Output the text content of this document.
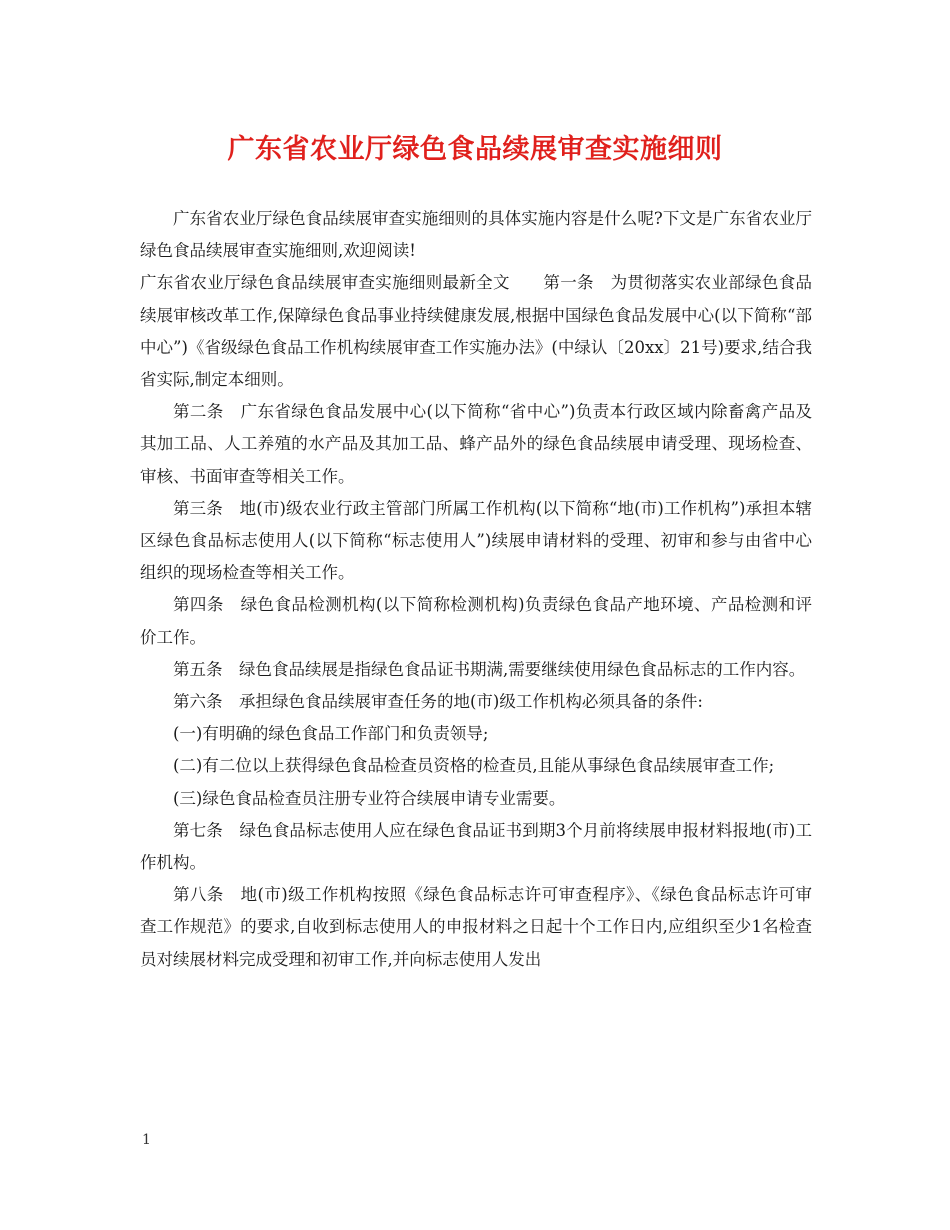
广东省农业厅绿色食品续展审查实施细则

广东省农业厅绿色食品续展审查实施细则的具体实施内容是什么呢?下文是广东省农业厅绿色食品续展审查实施细则,欢迎阅读!

广东省农业厅绿色食品续展审查实施细则最新全文　　第一条　为贯彻落实农业部绿色食品续展审核改革工作,保障绿色食品事业持续健康发展,根据中国绿色食品发展中心(以下简称“部中心”)《省级绿色食品工作机构续展审查工作实施办法》(中绿认〔20xx〕21号)要求,结合我省实际,制定本细则。

第二条　广东省绿色食品发展中心(以下简称“省中心”)负责本行政区域内除畜禽产品及其加工品、人工养殖的水产品及其加工品、蜂产品外的绿色食品续展申请受理、现场检查、审核、书面审查等相关工作。

第三条　地(市)级农业行政主管部门所属工作机构(以下简称“地(市)工作机构”)承担本辖区绿色食品标志使用人(以下简称“标志使用人”)续展申请材料的受理、初审和参与由省中心组织的现场检查等相关工作。

第四条　绿色食品检测机构(以下简称检测机构)负责绿色食品产地环境、产品检测和评价工作。

第五条　绿色食品续展是指绿色食品证书期满,需要继续使用绿色食品标志的工作内容。

第六条　承担绿色食品续展审查任务的地(市)级工作机构必须具备的条件:

(一)有明确的绿色食品工作部门和负责领导;

(二)有二位以上获得绿色食品检查员资格的检查员,且能从事绿色食品续展审查工作;

(三)绿色食品检查员注册专业符合续展申请专业需要。

第七条　绿色食品标志使用人应在绿色食品证书到期3个月前将续展申报材料报地(市)工作机构。

第八条　地(市)级工作机构按照《绿色食品标志许可审查程序》、《绿色食品标志许可审查工作规范》的要求,自收到标志使用人的申报材料之日起十个工作日内,应组织至少1名检查员对续展材料完成受理和初审工作,并向标志使用人发出

1
